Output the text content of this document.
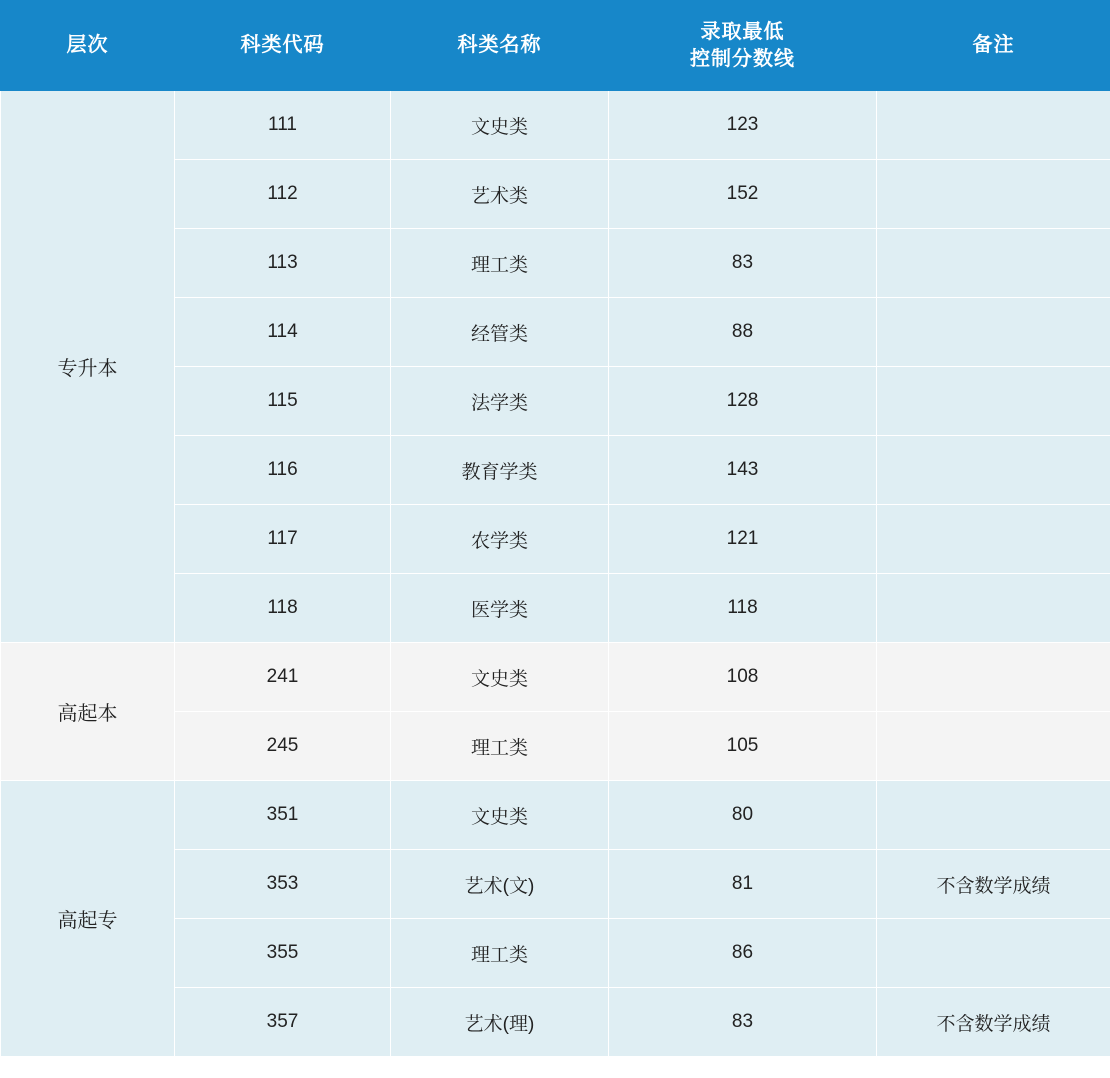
层次	科类代码	科类名称	录取最低
控制分数线	备注

专升本	111	文史类	123	
	112	艺术类	152	
	113	理工类	83	
	114	经管类	88	
	115	法学类	128	
	116	教育学类	143	
	117	农学类	121	
	118	医学类	118	
高起本	241	文史类	108	
	245	理工类	105	
高起专	351	文史类	80	
	353	艺术(文)	81	不含数学成绩
	355	理工类	86	
	357	艺术(理)	83	不含数学成绩
